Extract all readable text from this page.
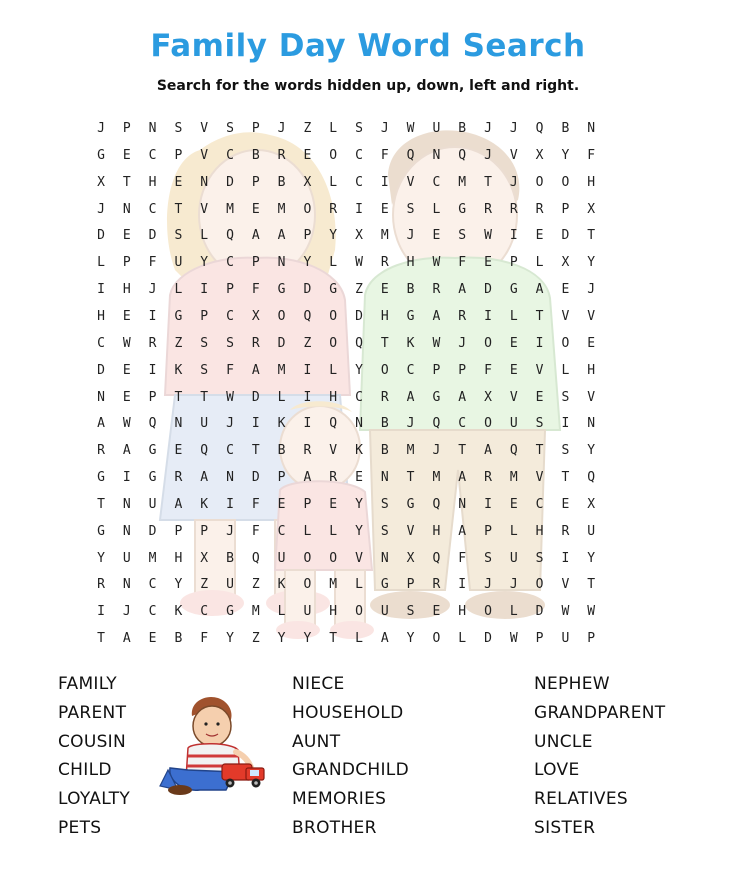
Family Day Word Search
Search for the words hidden up, down, left and right.
J	P	N	S	V	S	P	J	Z	L	S	J	W	U	B	J	J	Q	B	N
G	E	C	P	V	C	B	R	E	O	C	F	Q	N	Q	J	V	X	Y	F
X	T	H	E	N	D	P	B	X	L	C	I	V	C	M	T	J	O	O	H
J	N	C	T	V	M	E	M	O	R	I	E	S	L	G	R	R	R	P	X
D	E	D	S	L	Q	A	A	P	Y	X	M	J	E	S	W	I	E	D	T
L	P	F	U	Y	C	P	N	Y	L	W	R	H	W	F	E	P	L	X	Y
I	H	J	L	I	P	F	G	D	G	Z	E	B	R	A	D	G	A	E	J
H	E	I	G	P	C	X	O	Q	O	D	H	G	A	R	I	L	T	V	V
C	W	R	Z	S	S	R	D	Z	O	Q	T	K	W	J	O	E	I	O	E
D	E	I	K	S	F	A	M	I	L	Y	O	C	P	P	F	E	V	L	H
N	E	P	T	T	W	D	L	I	H	C	R	A	G	A	X	V	E	S	V
A	W	Q	N	U	J	I	K	I	Q	N	B	J	Q	C	O	U	S	I	N
R	A	G	E	Q	C	T	B	R	V	K	B	M	J	T	A	Q	T	S	Y
G	I	G	R	A	N	D	P	A	R	E	N	T	M	A	R	M	V	T	Q
T	N	U	A	K	I	F	E	P	E	Y	S	G	Q	N	I	E	C	E	X
G	N	D	P	P	J	F	C	L	L	Y	S	V	H	A	P	L	H	R	U
Y	U	M	H	X	B	Q	U	O	O	V	N	X	Q	F	S	U	S	I	Y
R	N	C	Y	Z	U	Z	K	O	M	L	G	P	R	I	J	J	O	V	T
I	J	C	K	C	G	M	L	U	H	O	U	S	E	H	O	L	D	W	W
T	A	E	B	F	Y	Z	Y	Y	T	L	A	Y	O	L	D	W	P	U	P
FAMILY
PARENT
COUSIN
CHILD
LOYALTY
PETS
NIECE
HOUSEHOLD
AUNT
GRANDCHILD
MEMORIES
BROTHER
NEPHEW
GRANDPARENT
UNCLE
LOVE
RELATIVES
SISTER
